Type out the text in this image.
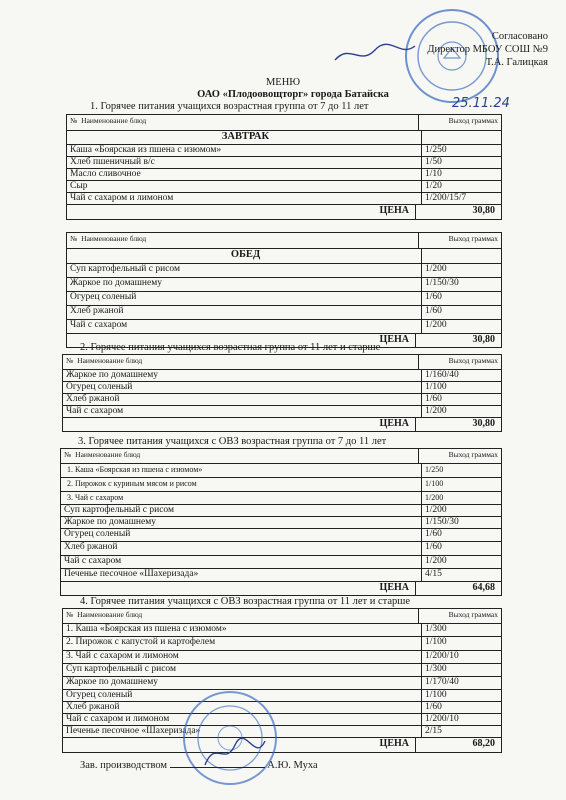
Согласовано
Директор МБОУ СОШ №9
Т.А. Галицкая
25.11.24
МЕНЮ
ОАО «Плодоовощторг» города Батайска
1. Горячее питания учащихся возрастная группа от 7 до 11 лет
№ Наименование блюд	Выход граммах
ЗАВТРАК
Каша «Боярская из пшена с изюмом»	1/250
Хлеб пшеничный в/с	1/50
Масло сливочное	1/10
Сыр	1/20
Чай с сахаром и лимоном	1/200/15/7
ЦЕНА	30,80
№ Наименование блюд	Выход граммах
ОБЕД
Суп картофельный с рисом	1/200
Жаркое по домашнему	1/150/30
Огурец соленый	1/60
Хлеб ржаной	1/60
Чай с сахаром	1/200
ЦЕНА	30,80
2. Горячее питания учащихся возрастная группа от 11 лет и старше
№ Наименование блюд	Выход граммах
Жаркое по домашнему	1/160/40
Огурец соленый	1/100
Хлеб ржаной	1/60
Чай с сахаром	1/200
ЦЕНА	30,80
3. Горячее питания учащихся с ОВЗ возрастная группа от 7 до 11 лет
№ Наименование блюд	Выход граммах
1. Каша «Боярская из пшена с изюмом»	1/250
2. Пирожок с куриным мясом и рисом	1/100
3. Чай с сахаром	1/200
Суп картофельный с рисом	1/200
Жаркое по домашнему	1/150/30
Огурец соленый	1/60
Хлеб ржаной	1/60
Чай с сахаром	1/200
Печенье песочное «Шахеризада»	4/15
ЦЕНА	64,68
4. Горячее питания учащихся с ОВЗ возрастная группа от 11 лет и старше
№ Наименование блюд	Выход граммах
1. Каша «Боярская из пшена с изюмом»	1/300
2. Пирожок с капустой и картофелем	1/100
3. Чай с сахаром и лимоном	1/200/10
Суп картофельный с рисом	1/300
Жаркое по домашнему	1/170/40
Огурец соленый	1/100
Хлеб ржаной	1/60
Чай с сахаром и лимоном	1/200/10
Печенье песочное «Шахеризада»	2/15
ЦЕНА	68,20
Зав. производством	А.Ю. Муха
